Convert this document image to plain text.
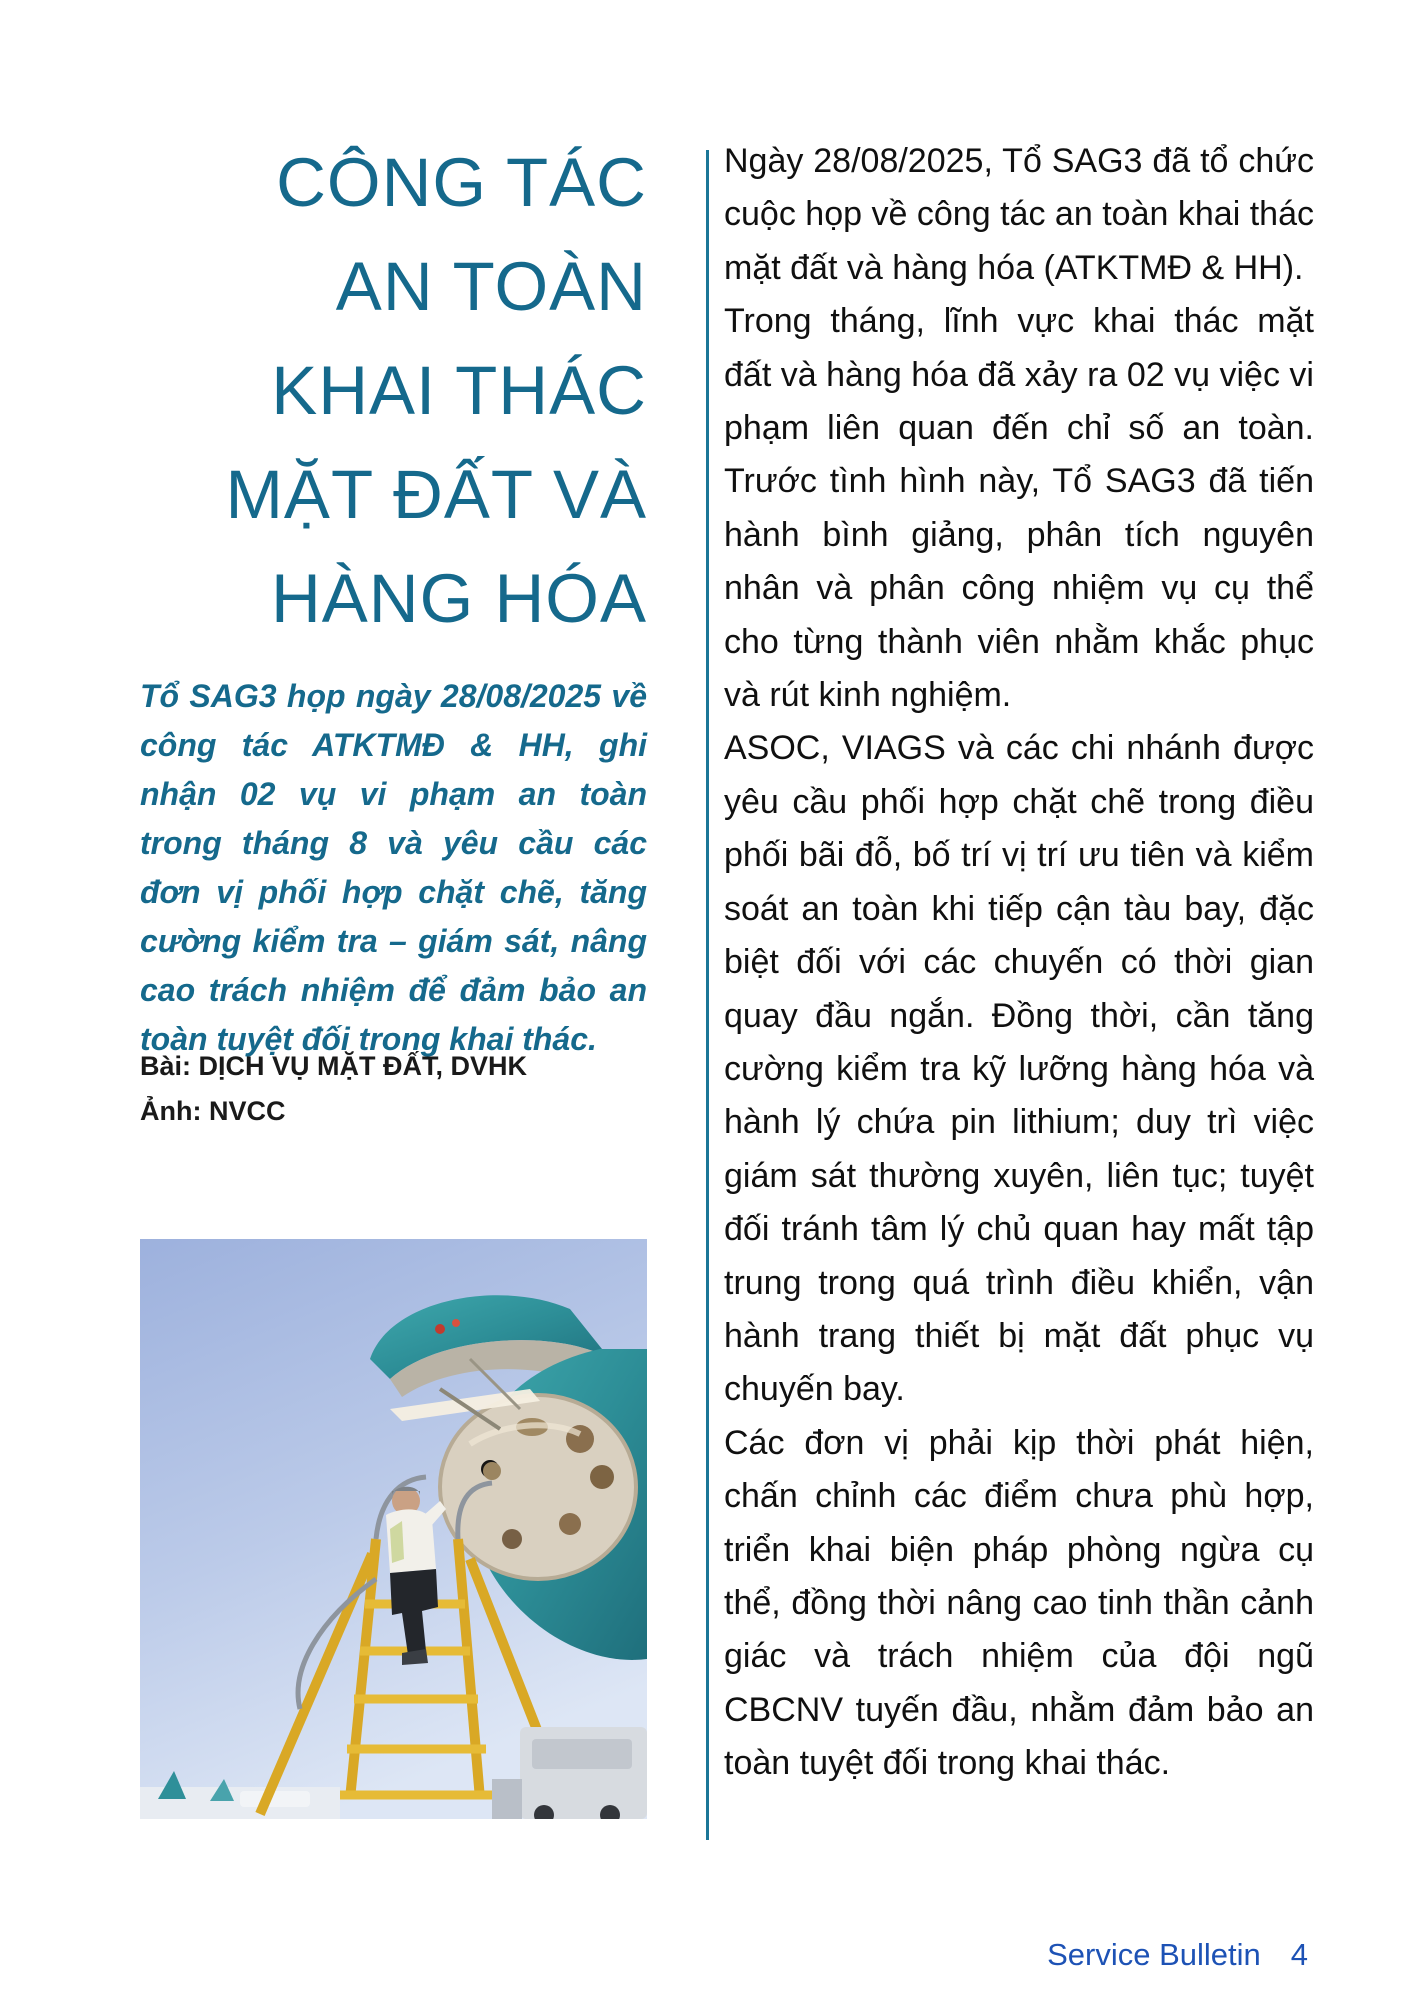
CÔNG TÁC
AN TOÀN
KHAI THÁC
MẶT ĐẤT VÀ
HÀNG HÓA
Tổ SAG3 họp ngày 28/08/2025 về công tác ATKTMĐ & HH, ghi nhận 02 vụ vi phạm an toàn trong tháng 8 và yêu cầu các đơn vị phối hợp chặt chẽ, tăng cường kiểm tra – giám sát, nâng cao trách nhiệm để đảm bảo an toàn tuyệt đối trong khai thác.
Bài: DỊCH VỤ MẶT ĐẤT, DVHK
Ảnh: NVCC

Ngày 28/08/2025, Tổ SAG3 đã tổ chức cuộc họp về công tác an toàn khai thác mặt đất và hàng hóa (ATKTMĐ & HH).

Trong tháng, lĩnh vực khai thác mặt đất và hàng hóa đã xảy ra 02 vụ việc vi phạm liên quan đến chỉ số an toàn. Trước tình hình này, Tổ SAG3 đã tiến hành bình giảng, phân tích nguyên nhân và phân công nhiệm vụ cụ thể cho từng thành viên nhằm khắc phục và rút kinh nghiệm.

ASOC, VIAGS và các chi nhánh được yêu cầu phối hợp chặt chẽ trong điều phối bãi đỗ, bố trí vị trí ưu tiên và kiểm soát an toàn khi tiếp cận tàu bay, đặc biệt đối với các chuyến có thời gian quay đầu ngắn. Đồng thời, cần tăng cường kiểm tra kỹ lưỡng hàng hóa và hành lý chứa pin lithium; duy trì việc giám sát thường xuyên, liên tục; tuyệt đối tránh tâm lý chủ quan hay mất tập trung trong quá trình điều khiển, vận hành trang thiết bị mặt đất phục vụ chuyến bay.

Các đơn vị phải kịp thời phát hiện, chấn chỉnh các điểm chưa phù hợp, triển khai biện pháp phòng ngừa cụ thể, đồng thời nâng cao tinh thần cảnh giác và trách nhiệm của đội ngũ CBCNV tuyến đầu, nhằm đảm bảo an toàn tuyệt đối trong khai thác.

Service Bulletin 4
